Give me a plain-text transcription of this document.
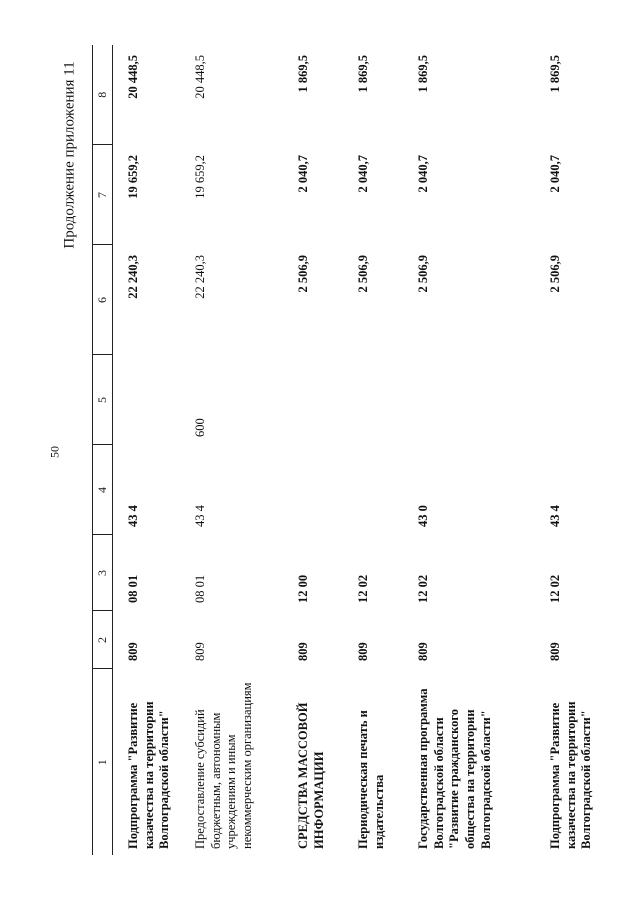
50
Продолжение приложения 11
1	2	3	4	5	6	7	8
Подпрограмма "Развитие казачества на территории Волгоградской области"	809	08 01	43 4		22 240,3	19 659,2	20 448,5
Предоставление субсидий бюджетным, автономным учреждениям и иным некоммерческим организациям	809	08 01	43 4	600	22 240,3	19 659,2	20 448,5
СРЕДСТВА МАССОВОЙ ИНФОРМАЦИИ	809	12 00			2 506,9	2 040,7	1 869,5
Периодическая печать и издательства	809	12 02			2 506,9	2 040,7	1 869,5
Государственная программа Волгоградской области "Развитие гражданского общества на территории Волгоградской области"	809	12 02	43 0		2 506,9	2 040,7	1 869,5
Подпрограмма "Развитие казачества на территории Волгоградской области"	809	12 02	43 4		2 506,9	2 040,7	1 869,5
